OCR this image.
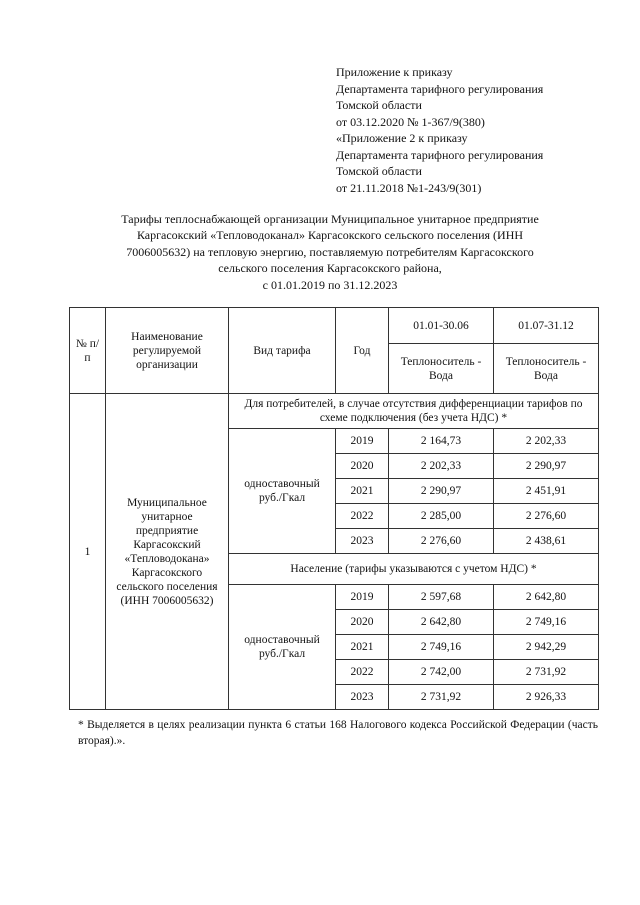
Приложение к приказу
Департамента тарифного регулирования
Томской области
от 03.12.2020 № 1-367/9(380)
«Приложение 2 к приказу
Департамента тарифного регулирования
Томской области
от 21.11.2018 №1-243/9(301)
Тарифы теплоснабжающей организации Муниципальное унитарное предприятие
Каргасокский «Тепловодоканал» Каргасокского сельского поселения (ИНН
7006005632) на тепловую энергию, поставляемую потребителям Каргасокского
сельского поселения Каргасокского района,
с 01.01.2019 по 31.12.2023
№ п/п	Наименование регулируемой организации	Вид тарифа	Год	01.01-30.06	01.07-31.12
				Теплоноситель - Вода	Теплоноситель - Вода
1	Муниципальное унитарное предприятие Каргасокский «Тепловодокана» Каргасокского сельского поселения (ИНН 7006005632)	Для потребителей, в случае отсутствия дифференциации тарифов по схеме подключения (без учета НДС) *			
		одноставочный руб./Гкал	2019	2 164,73	2 202,33
			2020	2 202,33	2 290,97
			2021	2 290,97	2 451,91
			2022	2 285,00	2 276,60
			2023	2 276,60	2 438,61
		Население (тарифы указываются с учетом НДС) *			
		одноставочный руб./Гкал	2019	2 597,68	2 642,80
			2020	2 642,80	2 749,16
			2021	2 749,16	2 942,29
			2022	2 742,00	2 731,92
			2023	2 731,92	2 926,33
* Выделяется в целях реализации пункта 6 статьи 168 Налогового кодекса Российской Федерации (часть вторая).».
